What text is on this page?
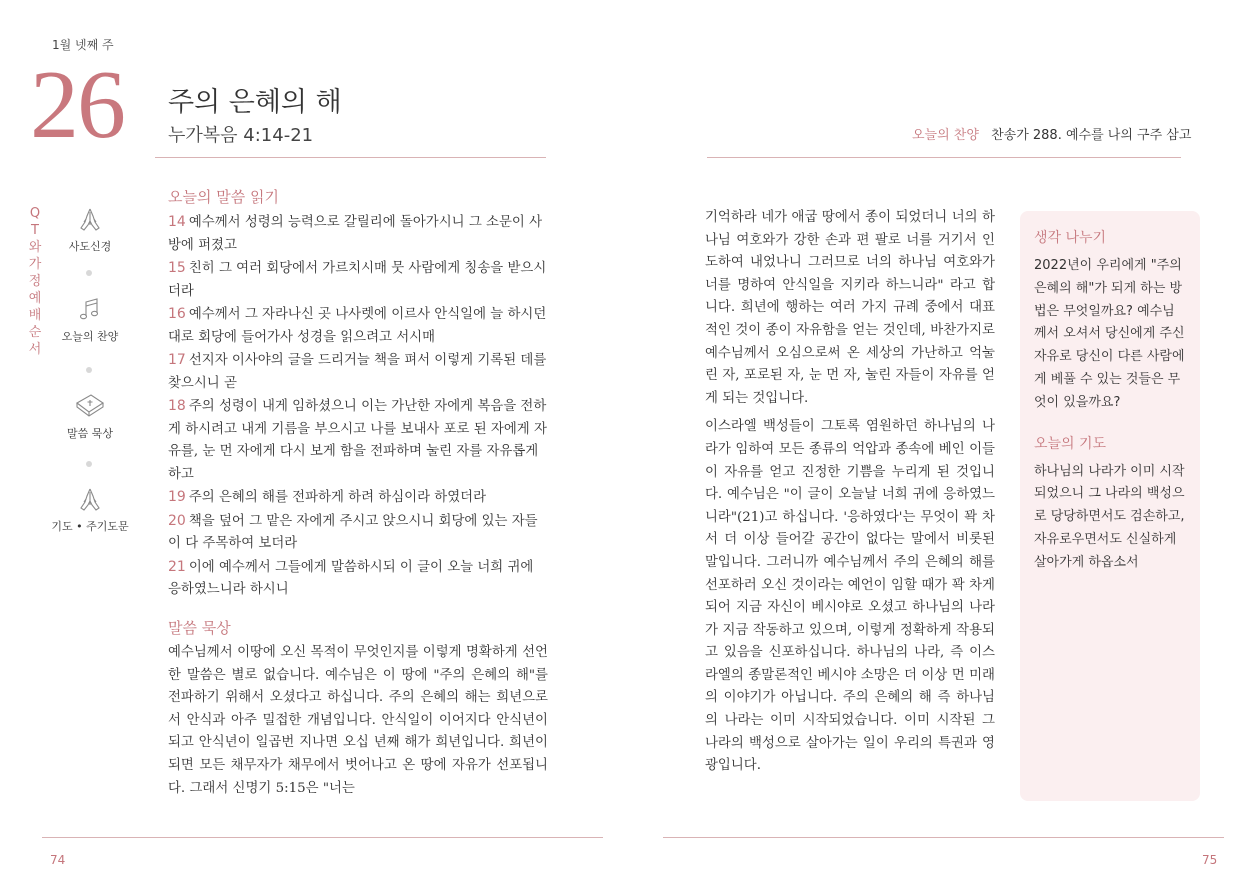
1월 넷째 주
26 주의 은혜의 해
누가복음 4:14-21	오늘의 찬양 찬송가 288. 예수를 나의 구주 삼고
QT와 가정예배 순서
사도신경
오늘의 찬양
말씀 묵상
기도 • 주기도문
오늘의 말씀 읽기

14 예수께서 성령의 능력으로 갈릴리에 돌아가시니 그 소문이 사방에 퍼졌고

15 친히 그 여러 회당에서 가르치시매 뭇 사람에게 칭송을 받으시더라

16 예수께서 그 자라나신 곳 나사렛에 이르사 안식일에 늘 하시던 대로 회당에 들어가사 성경을 읽으려고 서시매

17 선지자 이사야의 글을 드리거늘 책을 펴서 이렇게 기록된 데를 찾으시니 곧

18 주의 성령이 내게 임하셨으니 이는 가난한 자에게 복음을 전하게 하시려고 내게 기름을 부으시고 나를 보내사 포로 된 자에게 자유를, 눈 먼 자에게 다시 보게 함을 전파하며 눌린 자를 자유롭게 하고

19 주의 은혜의 해를 전파하게 하려 하심이라 하였더라

20 책을 덮어 그 맡은 자에게 주시고 앉으시니 회당에 있는 자들이 다 주목하여 보더라

21 이에 예수께서 그들에게 말씀하시되 이 글이 오늘 너희 귀에 응하였느니라 하시니

말씀 묵상

예수님께서 이땅에 오신 목적이 무엇인지를 이렇게 명확하게 선언한 말씀은 별로 없습니다. 예수님은 이 땅에 "주의 은혜의 해"를 전파하기 위해서 오셨다고 하십니다. 주의 은혜의 해는 희년으로서 안식과 아주 밀접한 개념입니다. 안식일이 이어지다 안식년이 되고 안식년이 일곱번 지나면 오십 년째 해가 희년입니다. 희년이 되면 모든 채무자가 채무에서 벗어나고 온 땅에 자유가 선포됩니다. 그래서 신명기 5:15은 "너는

기억하라 네가 애굽 땅에서 종이 되었더니 너의 하나님 여호와가 강한 손과 편 팔로 너를 거기서 인도하여 내었나니 그러므로 너의 하나님 여호와가 너를 명하여 안식일을 지키라 하느니라" 라고 합니다. 희년에 행하는 여러 가지 규례 중에서 대표적인 것이 종이 자유함을 얻는 것인데, 바찬가지로 예수님께서 오심으로써 온 세상의 가난하고 억눌린 자, 포로된 자, 눈 먼 자, 눌린 자들이 자유를 얻게 되는 것입니다.

이스라엘 백성들이 그토록 염원하던 하나님의 나라가 임하여 모든 종류의 억압과 종속에 베인 이들이 자유를 얻고 진정한 기쁨을 누리게 된 것입니다. 예수님은 "이 글이 오늘날 너희 귀에 응하였느니라"(21)고 하십니다. '응하였다'는 무엇이 꽉 차서 더 이상 들어갈 공간이 없다는 말에서 비롯된 말입니다. 그러니까 예수님께서 주의 은혜의 해를 선포하러 오신 것이라는 예언이 임할 때가 꽉 차게 되어 지금 자신이 베시야로 오셨고 하나님의 나라가 지금 작동하고 있으며, 이렇게 정확하게 작용되고 있음을 신포하십니다. 하나님의 나라, 즉 이스라엘의 종말론적인 베시야 소망은 더 이상 먼 미래의 이야기가 아닙니다. 주의 은혜의 해 즉 하나님의 나라는 이미 시작되었습니다. 이미 시작된 그 나라의 백성으로 살아가는 일이 우리의 특권과 영광입니다.

생각 나누기
2022년이 우리에게 "주의 은혜의 해"가 되게 하는 방법은 무엇일까요? 예수님께서 오셔서 당신에게 주신 자유로 당신이 다른 사람에게 베풀 수 있는 것들은 무엇이 있을까요?
오늘의 기도
하나님의 나라가 이미 시작되었으니 그 나라의 백성으로 당당하면서도 검손하고, 자유로우면서도 신실하게 살아가게 하옵소서
74	75
